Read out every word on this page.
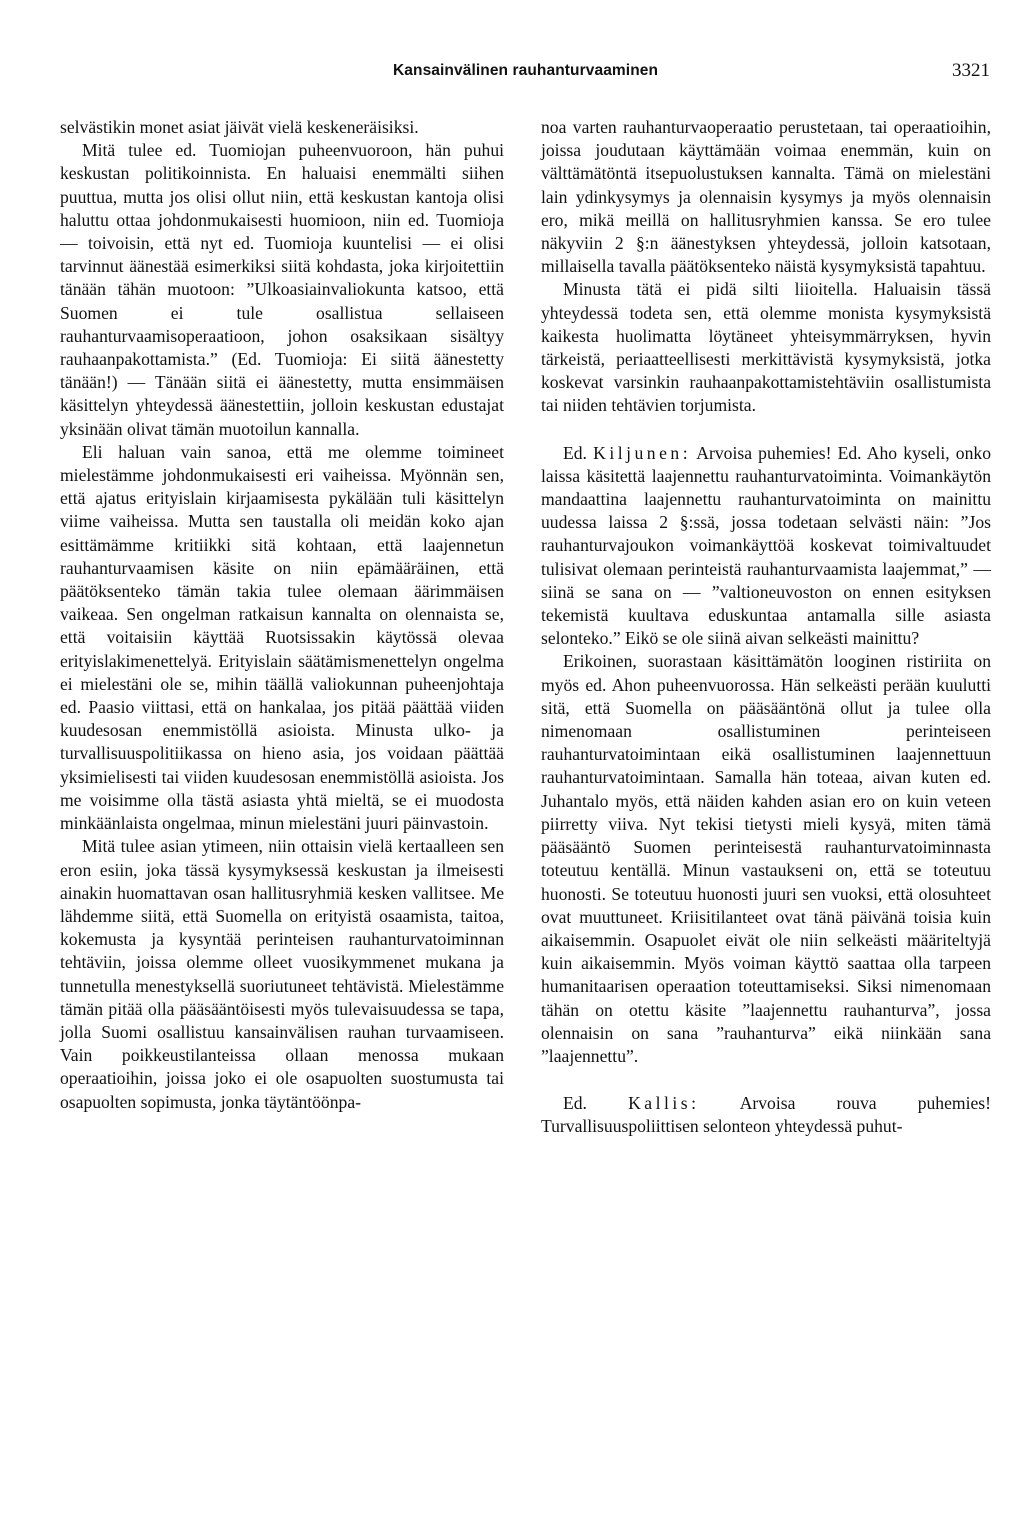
Kansainvälinen rauhanturvaaminen	3321

selvästikin monet asiat jäivät vielä keskeneräisiksi.

Mitä tulee ed. Tuomiojan puheenvuoroon, hän puhui keskustan politikoinnista. En haluaisi enemmälti siihen puuttua, mutta jos olisi ollut niin, että keskustan kantoja olisi haluttu ottaa johdonmukaisesti huomioon, niin ed. Tuomioja — toivoisin, että nyt ed. Tuomioja kuuntelisi — ei olisi tarvinnut äänestää esimerkiksi siitä kohdasta, joka kirjoitettiin tänään tähän muotoon: ”Ulkoasiainvaliokunta katsoo, että Suomen ei tule osallistua sellaiseen rauhanturvaamisoperaatioon, johon osaksikaan sisältyy rauhaanpakottamista.” (Ed. Tuomioja: Ei siitä äänestetty tänään!) — Tänään siitä ei äänestetty, mutta ensimmäisen käsittelyn yhteydessä äänestettiin, jolloin keskustan edustajat yksinään olivat tämän muotoilun kannalla.

Eli haluan vain sanoa, että me olemme toimineet mielestämme johdonmukaisesti eri vaiheissa. Myönnän sen, että ajatus erityislain kirjaamisesta pykälään tuli käsittelyn viime vaiheissa. Mutta sen taustalla oli meidän koko ajan esittämämme kritiikki sitä kohtaan, että laajennetun rauhanturvaamisen käsite on niin epämääräinen, että päätöksenteko tämän takia tulee olemaan äärimmäisen vaikeaa. Sen ongelman ratkaisun kannalta on olennaista se, että voitaisiin käyttää Ruotsissakin käytössä olevaa erityislakimenettelyä. Erityislain säätämismenettelyn ongelma ei mielestäni ole se, mihin täällä valiokunnan puheenjohtaja ed. Paasio viittasi, että on hankalaa, jos pitää päättää viiden kuudesosan enemmistöllä asioista. Minusta ulko- ja turvallisuuspolitiikassa on hieno asia, jos voidaan päättää yksimielisesti tai viiden kuudesosan enemmistöllä asioista. Jos me voisimme olla tästä asiasta yhtä mieltä, se ei muodosta minkäänlaista ongelmaa, minun mielestäni juuri päinvastoin.

Mitä tulee asian ytimeen, niin ottaisin vielä kertaalleen sen eron esiin, joka tässä kysymyksessä keskustan ja ilmeisesti ainakin huomattavan osan hallitusryhmiä kesken vallitsee. Me lähdemme siitä, että Suomella on erityistä osaamista, taitoa, kokemusta ja kysyntää perinteisen rauhanturvatoiminnan tehtäviin, joissa olemme olleet vuosikymmenet mukana ja tunnetulla menestyksellä suoriutuneet tehtävistä. Mielestämme tämän pitää olla pääsääntöisesti myös tulevaisuudessa se tapa, jolla Suomi osallistuu kansainvälisen rauhan turvaamiseen. Vain poikkeustilanteissa ollaan menossa mukaan operaatioihin, joissa joko ei ole osapuolten suostumusta tai osapuolten sopimusta, jonka täytäntöönpa-

noa varten rauhanturvaoperaatio perustetaan, tai operaatioihin, joissa joudutaan käyttämään voimaa enemmän, kuin on välttämätöntä itsepuolustuksen kannalta. Tämä on mielestäni lain ydinkysymys ja olennaisin kysymys ja myös olennaisin ero, mikä meillä on hallitusryhmien kanssa. Se ero tulee näkyviin 2 §:n äänestyksen yhteydessä, jolloin katsotaan, millaisella tavalla päätöksenteko näistä kysymyksistä tapahtuu.

Minusta tätä ei pidä silti liioitella. Haluaisin tässä yhteydessä todeta sen, että olemme monista kysymyksistä kaikesta huolimatta löytäneet yhteisymmärryksen, hyvin tärkeistä, periaatteellisesti merkittävistä kysymyksistä, jotka koskevat varsinkin rauhaanpakottamistehtäviin osallistumista tai niiden tehtävien torjumista.

Ed. Kiljunen: Arvoisa puhemies! Ed. Aho kyseli, onko laissa käsitettä laajennettu rauhanturvatoiminta. Voimankäytön mandaattina laajennettu rauhanturvatoiminta on mainittu uudessa laissa 2 §:ssä, jossa todetaan selvästi näin: ”Jos rauhanturvajoukon voimankäyttöä koskevat toimivaltuudet tulisivat olemaan perinteistä rauhanturvaamista laajemmat,” — siinä se sana on — ”valtioneuvoston on ennen esityksen tekemistä kuultava eduskuntaa antamalla sille asiasta selonteko.” Eikö se ole siinä aivan selkeästi mainittu?

Erikoinen, suorastaan käsittämätön looginen ristiriita on myös ed. Ahon puheenvuorossa. Hän selkeästi perään kuulutti sitä, että Suomella on pääsääntönä ollut ja tulee olla nimenomaan osallistuminen perinteiseen rauhanturvatoimintaan eikä osallistuminen laajennettuun rauhanturvatoimintaan. Samalla hän toteaa, aivan kuten ed. Juhantalo myös, että näiden kahden asian ero on kuin veteen piirretty viiva. Nyt tekisi tietysti mieli kysyä, miten tämä pääsääntö Suomen perinteisestä rauhanturvatoiminnasta toteutuu kentällä. Minun vastaukseni on, että se toteutuu huonosti. Se toteutuu huonosti juuri sen vuoksi, että olosuhteet ovat muuttuneet. Kriisitilanteet ovat tänä päivänä toisia kuin aikaisemmin. Osapuolet eivät ole niin selkeästi määriteltyjä kuin aikaisemmin. Myös voiman käyttö saattaa olla tarpeen humanitaarisen operaation toteuttamiseksi. Siksi nimenomaan tähän on otettu käsite ”laajennettu rauhanturva”, jossa olennaisin on sana ”rauhanturva” eikä niinkään sana ”laajennettu”.

Ed. Kallis: Arvoisa rouva puhemies! Turvallisuuspoliittisen selonteon yhteydessä puhut-
